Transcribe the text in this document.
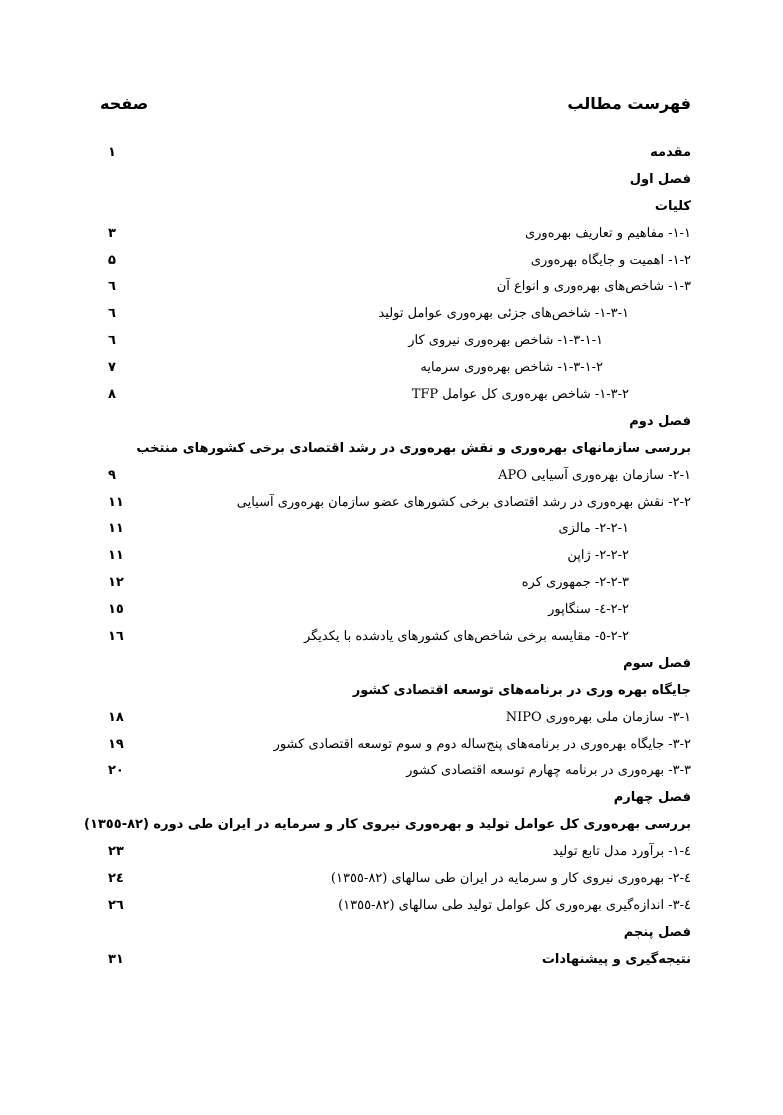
فهرست مطالب
صفحه
مقدمه
۱
فصل اول
کلیات
۱-۱- مفاهیم و تعاریف بهره‌وری
۳
۱-۲- اهمیت و جایگاه بهره‌وری
۵
۱-۳- شاخص‌های بهره‌وری و انواع آن
٦
۱-۳-۱- شاخص‌های جزئی بهره‌وری عوامل تولید
٦
۱-۳-۱-۱- شاخص بهره‌وری نیروی کار
٦
۱-۳-۱-۲- شاخص بهره‌وری سرمایه
۷
۱-۳-۲- شاخص بهره‌وری کل عوامل TFP
۸
فصل دوم
بررسی سازمانهای بهره‌وری و نقش بهره‌وری در رشد اقتصادی برخی کشورهای منتخب
۲-۱- سازمان بهره‌وری آسیایی APO
۹
۲-۲- نقش بهره‌وری در رشد اقتصادی برخی کشورهای عضو سازمان بهره‌وری آسیایی
۱۱
۲-۲-۱- مالزی
۱۱
۲-۲-۲- ژاپن
۱۱
۲-۲-۳- جمهوری کره
۱۲
۲-۲-٤- سنگاپور
۱٥
۲-۲-٥- مقایسه برخی شاخص‌های کشورهای یادشده با یکدیگر
۱٦
فصل سوم
جایگاه بهره وری در برنامه‌های توسعه اقتصادی کشور
۳-۱- سازمان ملی بهره‌وری NIPO
۱۸
۳-۲- جایگاه بهره‌وری در برنامه‌های پنج‌ساله دوم و سوم توسعه اقتصادی کشور
۱۹
۳-۳- بهره‌وری در برنامه چهارم توسعه اقتصادی کشور
۲۰
فصل چهارم
بررسی بهره‌وری کل عوامل تولید و بهره‌وری نیروی کار و سرمایه در ایران طی دوره (۸۲-۱۳٥٥)
٤-۱- برآورد مدل تابع تولید
۲۳
٤-۲- بهره‌وری نیروی کار و سرمایه در ایران طی سالهای (۸۲-۱۳٥٥)
۲٤
٤-۳- اندازه‌گیری بهره‌وری کل عوامل تولید طی سالهای (۸۲-۱۳٥٥)
۲٦
فصل پنجم
نتیجه‌گیری و پیشنهادات
۳۱
